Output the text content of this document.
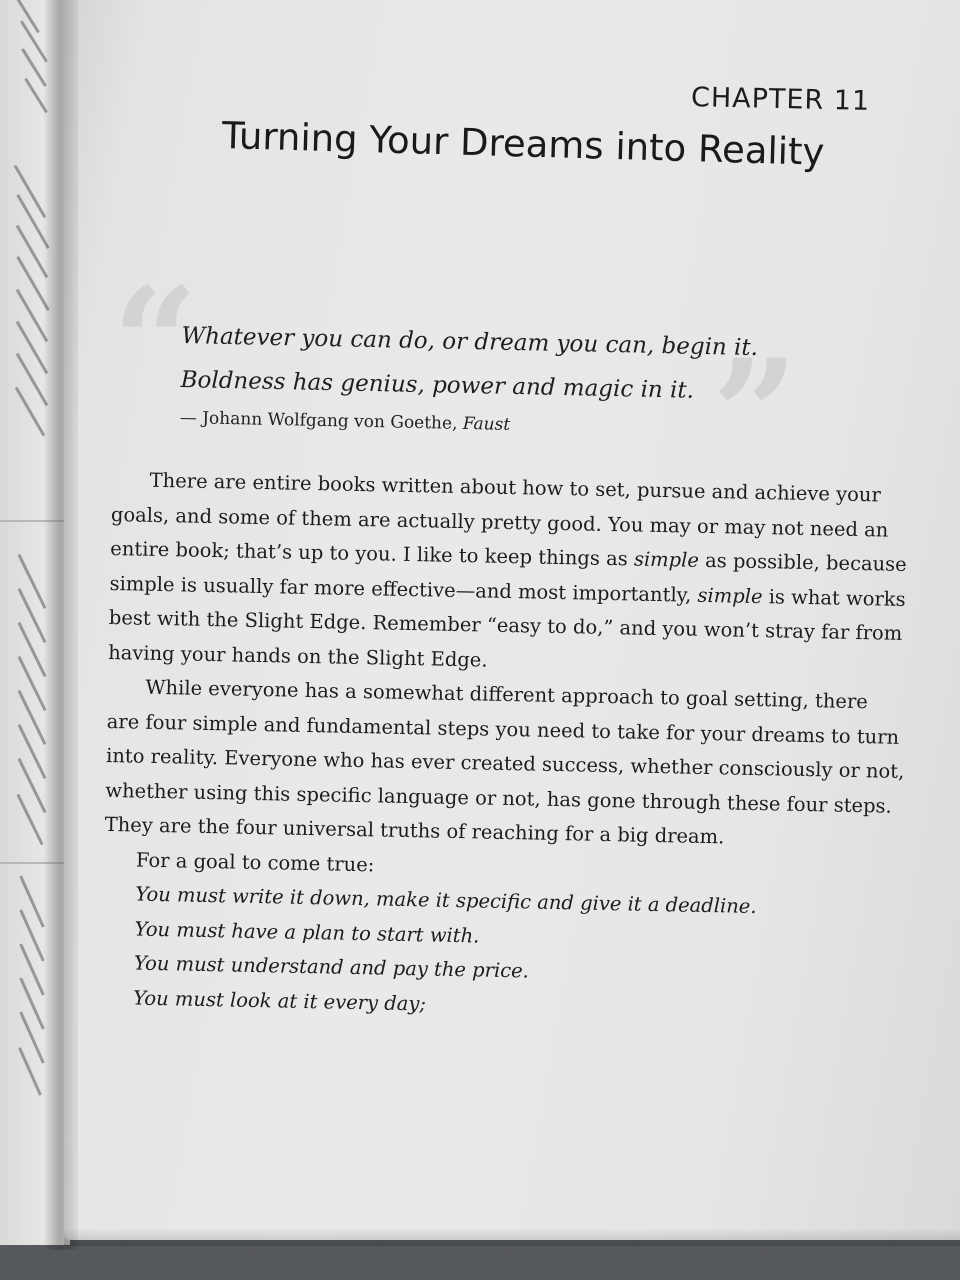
CHAPTER 11
Turning Your Dreams into Reality
“	”

Whatever you can do, or dream you can, begin it.

Boldness has genius, power and magic in it.

— Johann Wolfgang von Goethe, Faust

There are entire books written about how to set, pursue and achieve your

goals, and some of them are actually pretty good. You may or may not need an

entire book; that’s up to you. I like to keep things as simple as possible, because

simple is usually far more effective—and most importantly, simple is what works

best with the Slight Edge. Remember “easy to do,” and you won’t stray far from

having your hands on the Slight Edge.

While everyone has a somewhat different approach to goal setting, there

are four simple and fundamental steps you need to take for your dreams to turn

into reality. Everyone who has ever created success, whether consciously or not,

whether using this specific language or not, has gone through these four steps.

They are the four universal truths of reaching for a big dream.

For a goal to come true:

You must write it down, make it specific and give it a deadline.

You must have a plan to start with.

You must understand and pay the price.

You must look at it every day;
